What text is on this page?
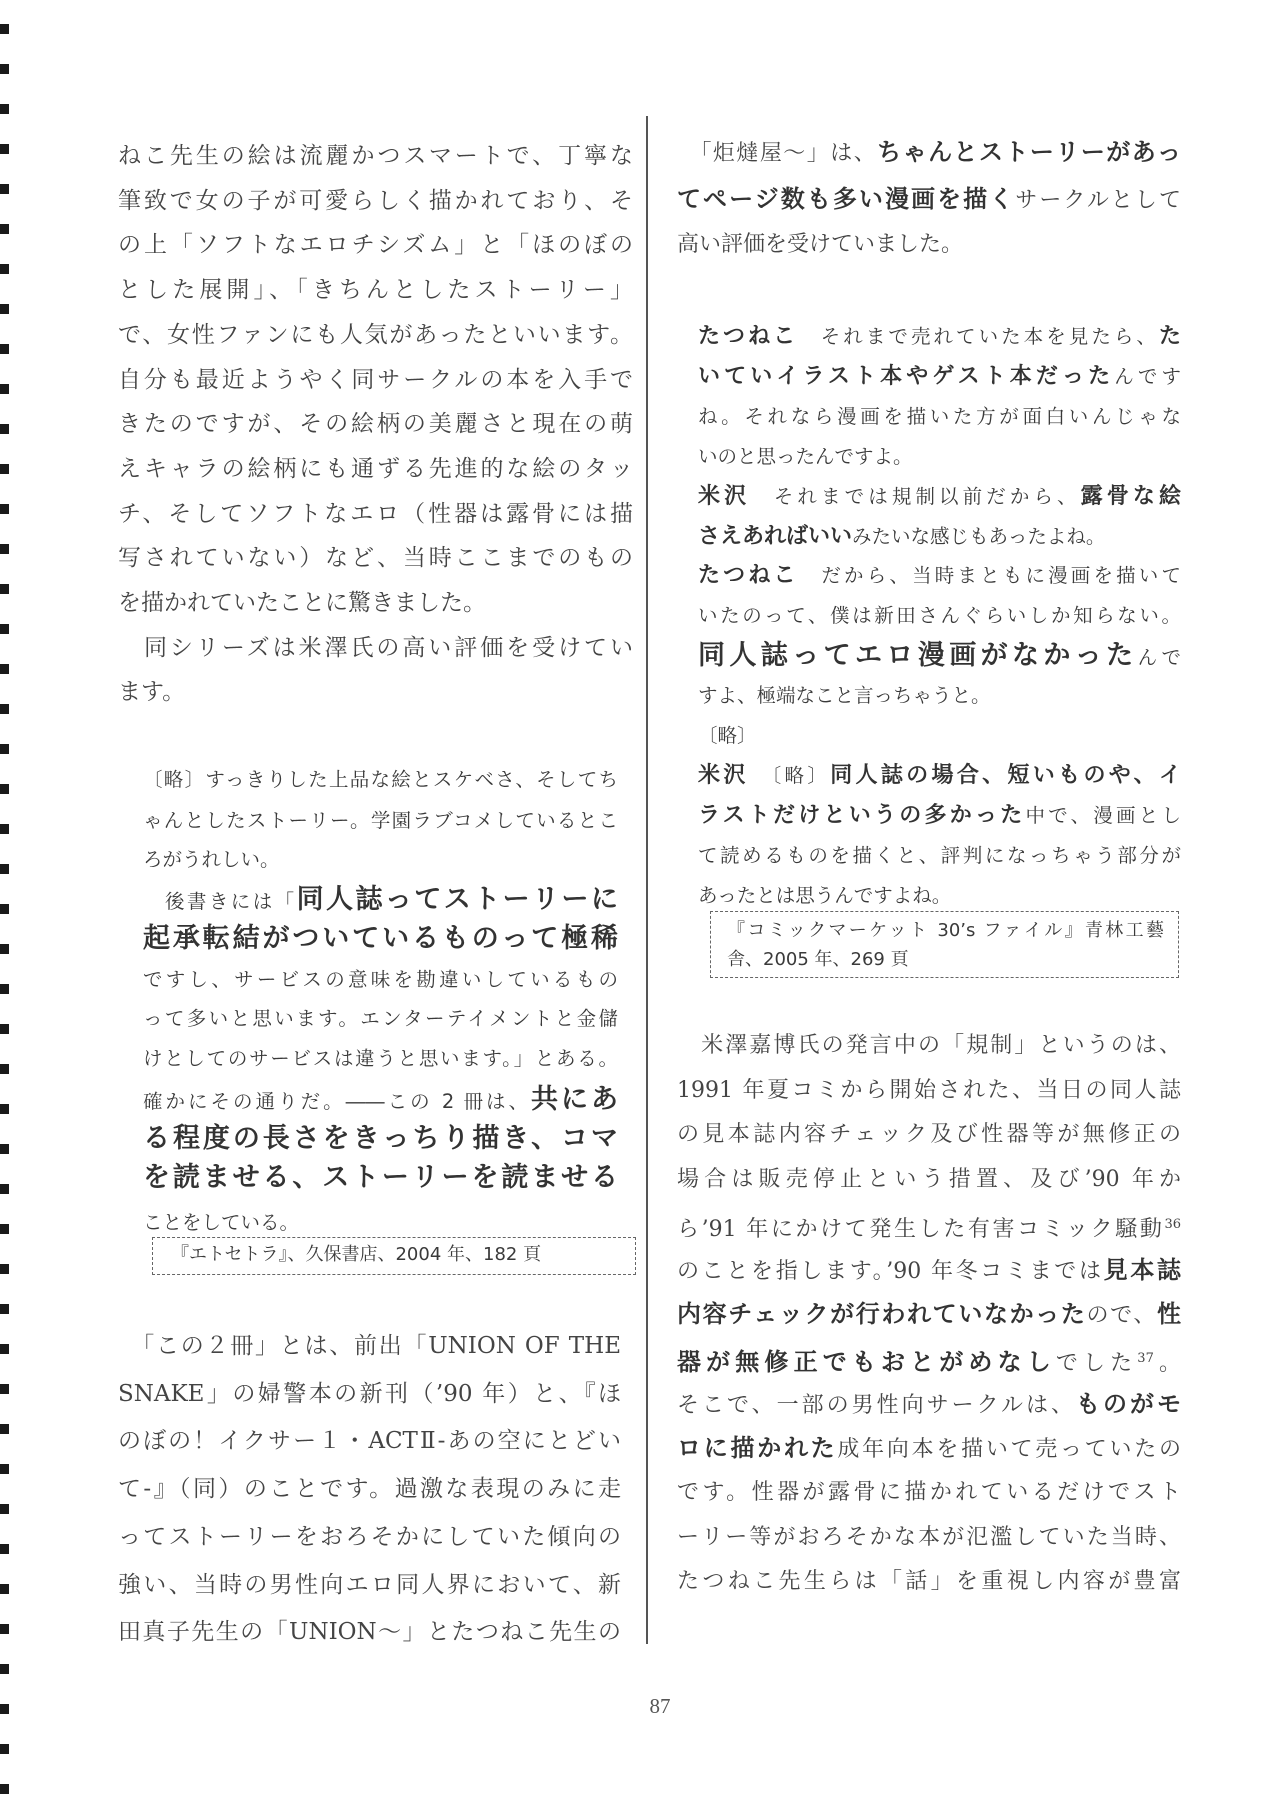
ねこ先生の絵は流麗かつスマートで、丁寧な
筆致で女の子が可愛らしく描かれており、そ
の上「ソフトなエロチシズム」と「ほのぼの
とした展開」、「きちんとしたストーリー」
で、女性ファンにも人気があったといいます。
自分も最近ようやく同サークルの本を入手で
きたのですが、その絵柄の美麗さと現在の萌
えキャラの絵柄にも通ずる先進的な絵のタッ
チ、そしてソフトなエロ（性器は露骨には描
写されていない）など、当時ここまでのもの
を描かれていたことに驚きました。
　同シリーズは米澤氏の高い評価を受けてい
ます。
〔略〕すっきりした上品な絵とスケベさ、そしてち
ゃんとしたストーリー。学園ラブコメしているとこ
ろがうれしい。
　後書きには「同人誌ってストーリーに
起承転結がついているものって極稀
ですし、サービスの意味を勘違いしているもの
って多いと思います。エンターテイメントと金儲
けとしてのサービスは違うと思います。」とある。
確かにその通りだ。――この 2 冊は、共にあ
る程度の長さをきっちり描き、コマ
を読ませる、ストーリーを読ませる
ことをしている。
『エトセトラ』、久保書店、2004 年、182 頁
　「この２冊」とは、前出「UNION OF THE
SNAKE」の婦警本の新刊（’90 年）と、『ほ
のぼの！イクサー１・ACTⅡ-あの空にとどい
て-』（同）のことです。過激な表現のみに走
ってストーリーをおろそかにしていた傾向の
強い、当時の男性向エロ同人界において、新
田真子先生の「UNION～」とたつねこ先生の
　「炬燵屋～」は、ちゃんとストーリーがあっ
てページ数も多い漫画を描くサークルとして
高い評価を受けていました。
たつねこ　それまで売れていた本を見たら、た
いていイラスト本やゲスト本だったんです
ね。それなら漫画を描いた方が面白いんじゃな
いのと思ったんですよ。
米沢　それまでは規制以前だから、露骨な絵
さえあればいいみたいな感じもあったよね。
たつねこ　だから、当時まともに漫画を描いて
いたのって、僕は新田さんぐらいしか知らない。
同人誌ってエロ漫画がなかったんで
すよ、極端なこと言っちゃうと。
〔略〕
米沢　〔略〕同人誌の場合、短いものや、イ
ラストだけというの多かった中で、漫画とし
て読めるものを描くと、評判になっちゃう部分が
あったとは思うんですよね。
『コミックマーケット 30’s ファイル』青林工藝
舎、2005 年、269 頁
　米澤嘉博氏の発言中の「規制」というのは、
1991 年夏コミから開始された、当日の同人誌
の見本誌内容チェック及び性器等が無修正の
場合は販売停止という措置、及び’90 年か
ら’91 年にかけて発生した有害コミック騒動$^{36}$
のことを指します。’90 年冬コミまでは見本誌
内容チェックが行われていなかったので、性
器が無修正でもおとがめなしでした$^{37}$。
そこで、一部の男性向サークルは、ものがモ
ロに描かれた成年向本を描いて売っていたの
です。性器が露骨に描かれているだけでスト
ーリー等がおろそかな本が氾濫していた当時、
たつねこ先生らは「話」を重視し内容が豊富
87
